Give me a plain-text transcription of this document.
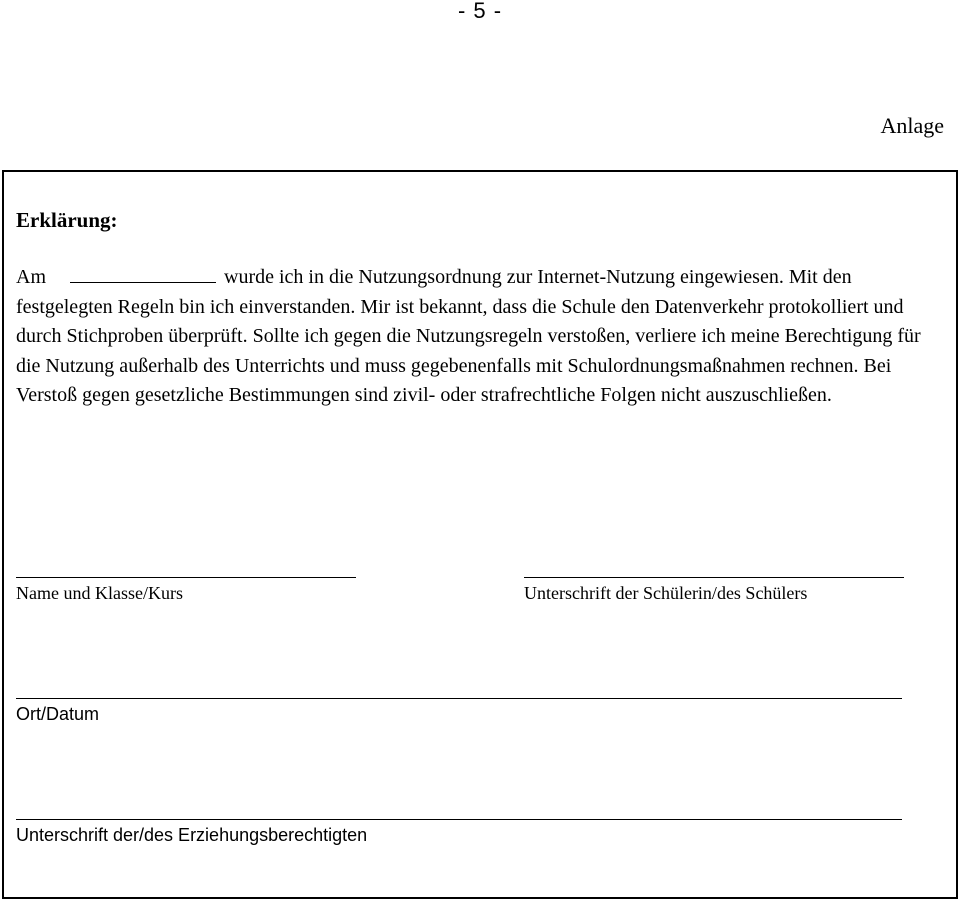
- 5 -
Anlage
Erklärung:
Am	wurde ich in die Nutzungsordnung zur Internet-Nutzung eingewiesen. Mit den festgelegten Regeln bin ich einverstanden. Mir ist bekannt, dass die Schule den Datenverkehr protokolliert und durch Stichproben überprüft. Sollte ich gegen die Nutzungsregeln verstoßen, verliere ich meine Berechtigung für die Nutzung außerhalb des Unterrichts und muss gegebenenfalls mit Schulordnungsmaßnahmen rechnen. Bei Verstoß gegen gesetzliche Bestimmungen sind zivil- oder strafrechtliche Folgen nicht auszuschließen.
Name und Klasse/Kurs	Unterschrift der Schülerin/des Schülers
Ort/Datum
Unterschrift der/des Erziehungsberechtigten
